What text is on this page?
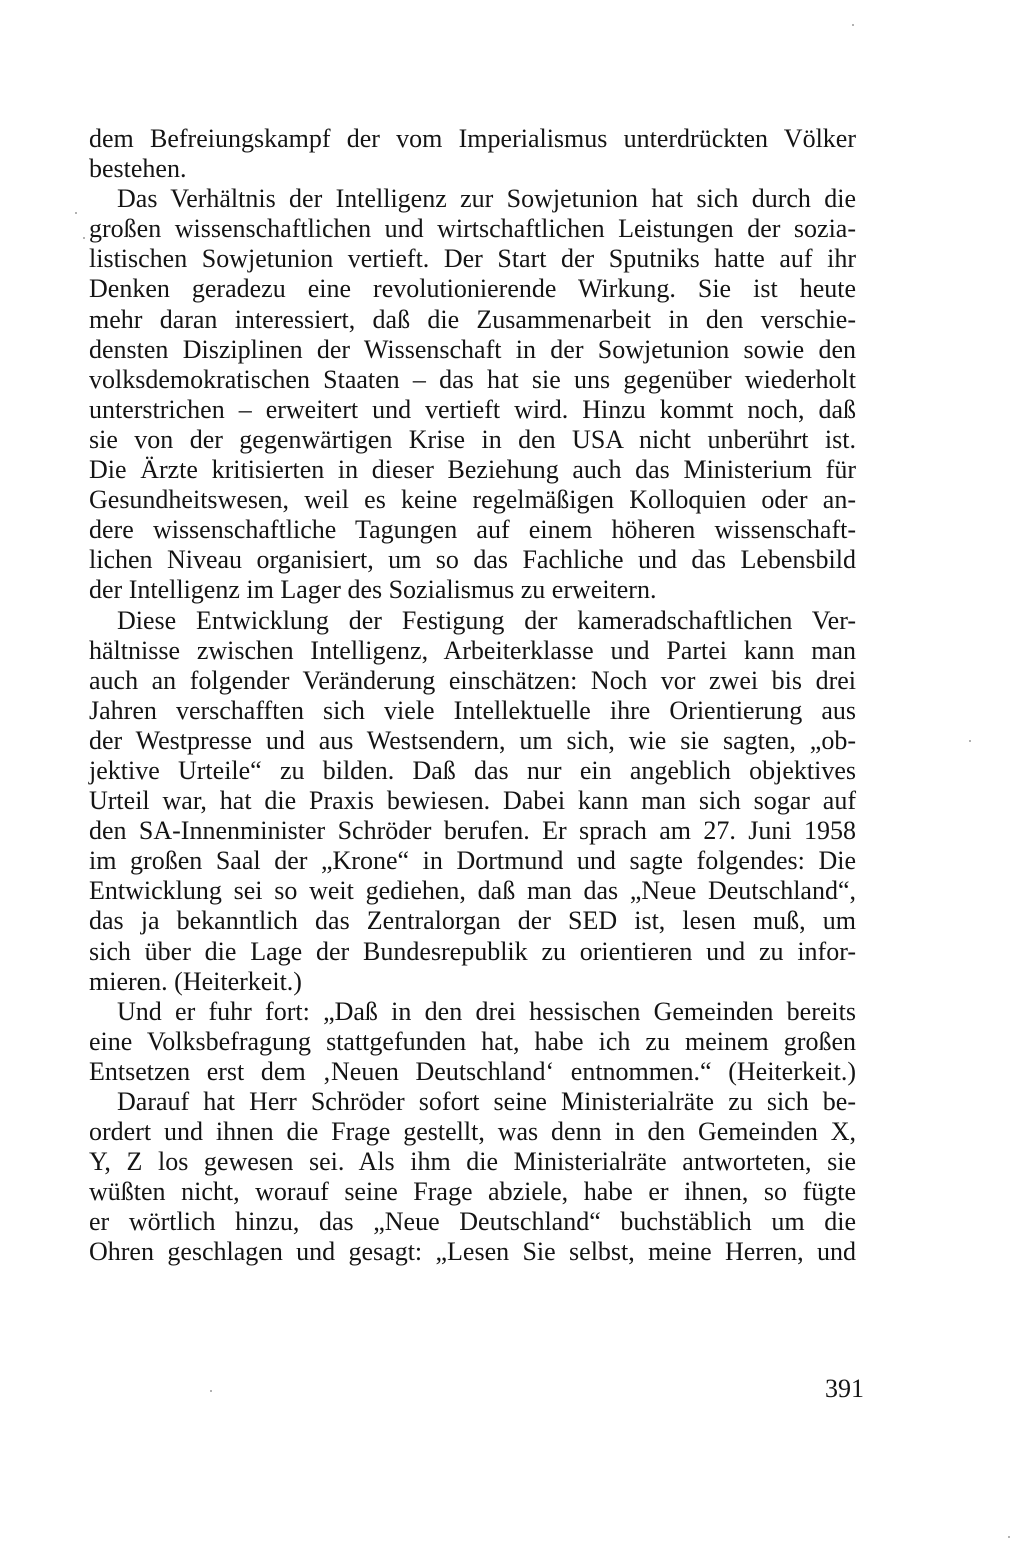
dem Befreiungskampf der vom Imperialismus unterdrückten Völker
bestehen.
Das Verhältnis der Intelligenz zur Sowjetunion hat sich durch die
großen wissenschaftlichen und wirtschaftlichen Leistungen der sozia-
listischen Sowjetunion vertieft. Der Start der Sputniks hatte auf ihr
Denken geradezu eine revolutionierende Wirkung. Sie ist heute
mehr daran interessiert, daß die Zusammenarbeit in den verschie-
densten Disziplinen der Wissenschaft in der Sowjetunion sowie den
volksdemokratischen Staaten – das hat sie uns gegenüber wiederholt
unterstrichen – erweitert und vertieft wird. Hinzu kommt noch, daß
sie von der gegenwärtigen Krise in den USA nicht unberührt ist.
Die Ärzte kritisierten in dieser Beziehung auch das Ministerium für
Gesundheitswesen, weil es keine regelmäßigen Kolloquien oder an-
dere wissenschaftliche Tagungen auf einem höheren wissenschaft-
lichen Niveau organisiert, um so das Fachliche und das Lebensbild
der Intelligenz im Lager des Sozialismus zu erweitern.
Diese Entwicklung der Festigung der kameradschaftlichen Ver-
hältnisse zwischen Intelligenz, Arbeiterklasse und Partei kann man
auch an folgender Veränderung einschätzen: Noch vor zwei bis drei
Jahren verschafften sich viele Intellektuelle ihre Orientierung aus
der Westpresse und aus Westsendern, um sich, wie sie sagten, „ob-
jektive Urteile“ zu bilden. Daß das nur ein angeblich objektives
Urteil war, hat die Praxis bewiesen. Dabei kann man sich sogar auf
den SA-Innenminister Schröder berufen. Er sprach am 27. Juni 1958
im großen Saal der „Krone“ in Dortmund und sagte folgendes: Die
Entwicklung sei so weit gediehen, daß man das „Neue Deutschland“,
das ja bekanntlich das Zentralorgan der SED ist, lesen muß, um
sich über die Lage der Bundesrepublik zu orientieren und zu infor-
mieren. (Heiterkeit.)
Und er fuhr fort: „Daß in den drei hessischen Gemeinden bereits
eine Volksbefragung stattgefunden hat, habe ich zu meinem großen
Entsetzen erst dem ‚Neuen Deutschland‘ entnommen.“ (Heiterkeit.)
Darauf hat Herr Schröder sofort seine Ministerialräte zu sich be-
ordert und ihnen die Frage gestellt, was denn in den Gemeinden X,
Y, Z los gewesen sei. Als ihm die Ministerialräte antworteten, sie
wüßten nicht, worauf seine Frage abziele, habe er ihnen, so fügte
er wörtlich hinzu, das „Neue Deutschland“ buchstäblich um die
Ohren geschlagen und gesagt: „Lesen Sie selbst, meine Herren, und
391
